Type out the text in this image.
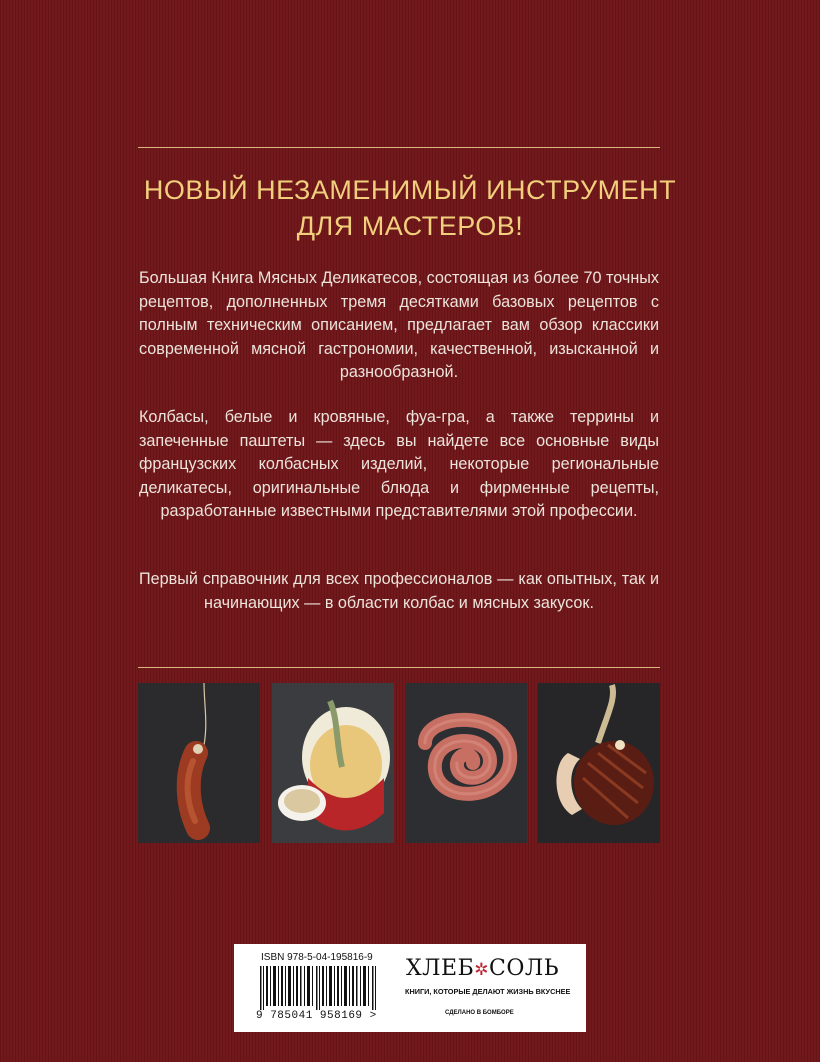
НОВЫЙ НЕЗАМЕНИМЫЙ ИНСТРУМЕНТ
ДЛЯ МАСТЕРОВ!

Большая Книга Мясных Деликатесов, состоящая из более 70 точных рецептов, дополненных тремя десятками базовых рецептов с полным техническим описанием, предлагает вам обзор классики современной мясной гастрономии, качественной, изысканной и разнообразной.

Колбасы, белые и кровяные, фуа-гра, а также террины и запеченные паштеты — здесь вы найдете все основные виды французских колбасных изделий, некоторые региональные деликатесы, оригинальные блюда и фирменные рецепты, разработанные известными представителями этой профессии.

Первый справочник для всех профессионалов — как опытных, так и начинающих — в области колбас и мясных закусок.

ISBN 978-5-04-195816-9
9 785041 958169 >
ХЛЕБ✲СОЛЬ
КНИГИ, КОТОРЫЕ ДЕЛАЮТ ЖИЗНЬ ВКУСНЕЕ
СДЕЛАНО В БОМБОРЕ
